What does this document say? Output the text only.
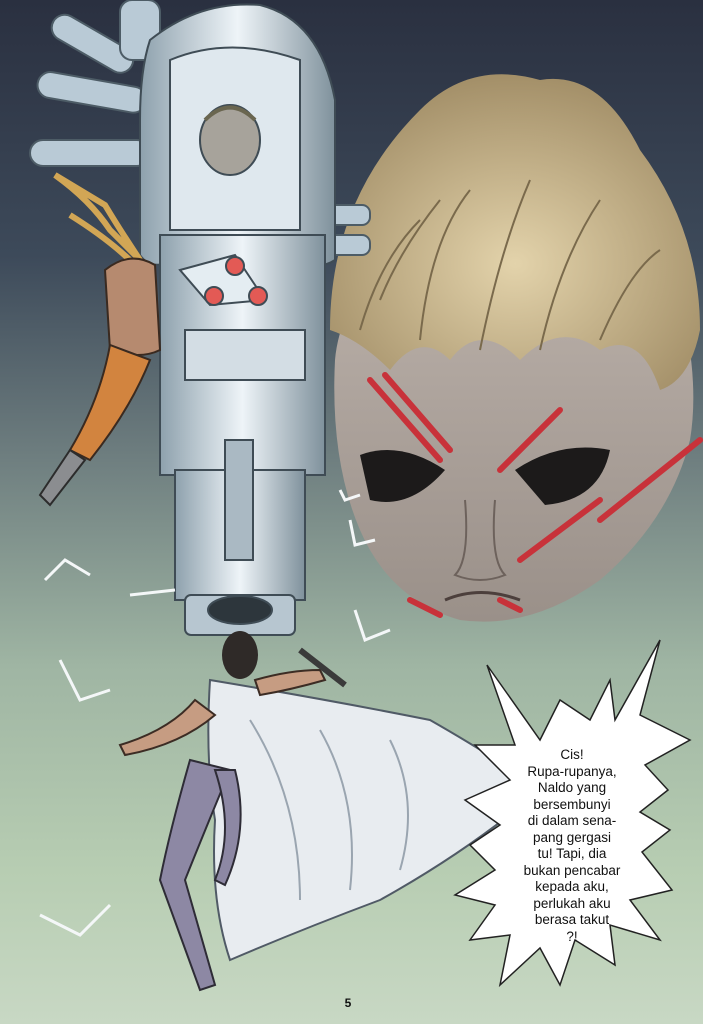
Cis!
Rupa-rupanya,
Naldo yang
bersembunyi
di dalam sena-
pang gergasi
tu! Tapi, dia
bukan pencabar
kepada aku,
perlukah aku
berasa takut
?!
5
